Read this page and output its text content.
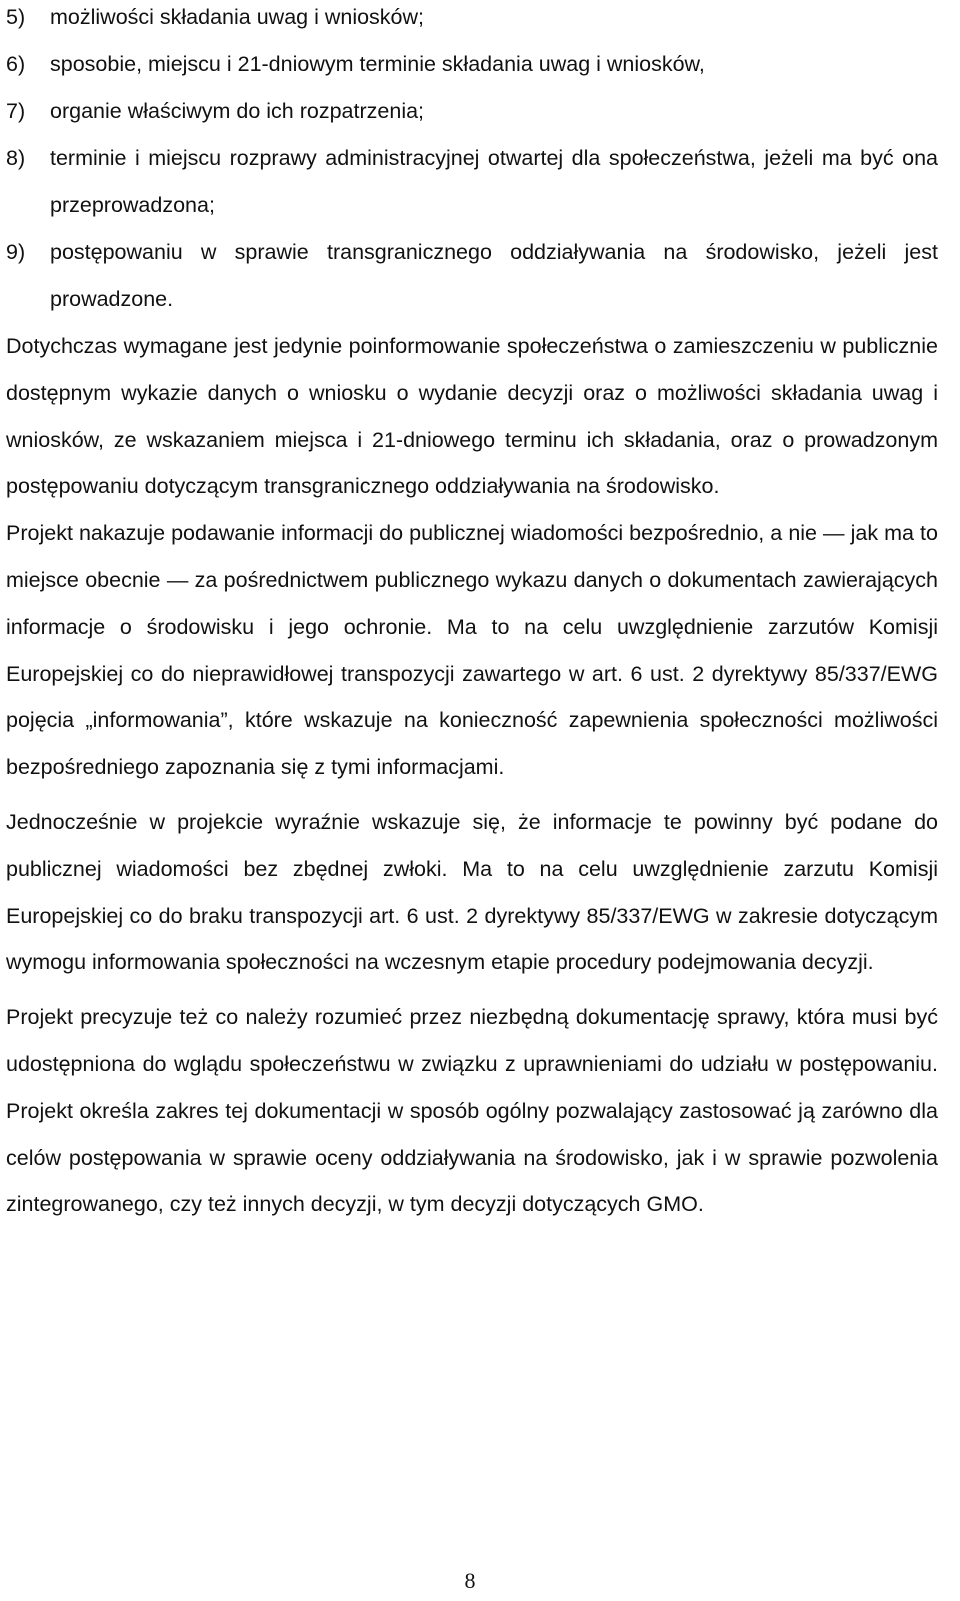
5) możliwości składania uwag i wniosków;
6) sposobie, miejscu i 21-dniowym terminie składania uwag i wniosków,
7) organie właściwym do ich rozpatrzenia;
8) terminie i miejscu rozprawy administracyjnej otwartej dla społeczeństwa, jeżeli ma być ona przeprowadzona;
9) postępowaniu w sprawie transgranicznego oddziaływania na środowisko, jeżeli jest prowadzone.

Dotychczas wymagane jest jedynie poinformowanie społeczeństwa o zamieszczeniu w publicznie dostępnym wykazie danych o wniosku o wydanie decyzji oraz o możliwości składania uwag i wniosków, ze wskazaniem miejsca i 21-dniowego terminu ich składania, oraz o prowadzonym postępowaniu dotyczącym transgranicznego oddziaływania na środowisko.

Projekt nakazuje podawanie informacji do publicznej wiadomości bezpośrednio, a nie — jak ma to miejsce obecnie — za pośrednictwem publicznego wykazu danych o dokumentach zawierających informacje o środowisku i jego ochronie. Ma to na celu uwzględnienie zarzutów Komisji Europejskiej co do nieprawidłowej transpozycji zawartego w art. 6 ust. 2 dyrektywy 85/337/EWG pojęcia „informowania”, które wskazuje na konieczność zapewnienia społeczności możliwości bezpośredniego zapoznania się z tymi informacjami.

Jednocześnie w projekcie wyraźnie wskazuje się, że informacje te powinny być podane do publicznej wiadomości bez zbędnej zwłoki. Ma to na celu uwzględnienie zarzutu Komisji Europejskiej co do braku transpozycji art. 6 ust. 2 dyrektywy 85/337/EWG w zakresie dotyczącym wymogu informowania społeczności na wczesnym etapie procedury podejmowania decyzji.

Projekt precyzuje też co należy rozumieć przez niezbędną dokumentację sprawy, która musi być udostępniona do wglądu społeczeństwu w związku z uprawnieniami do udziału w postępowaniu. Projekt określa zakres tej dokumentacji w sposób ogólny pozwalający zastosować ją zarówno dla celów postępowania w sprawie oceny oddziaływania na środowisko, jak i w sprawie pozwolenia zintegrowanego, czy też innych decyzji, w tym decyzji dotyczących GMO.

8
